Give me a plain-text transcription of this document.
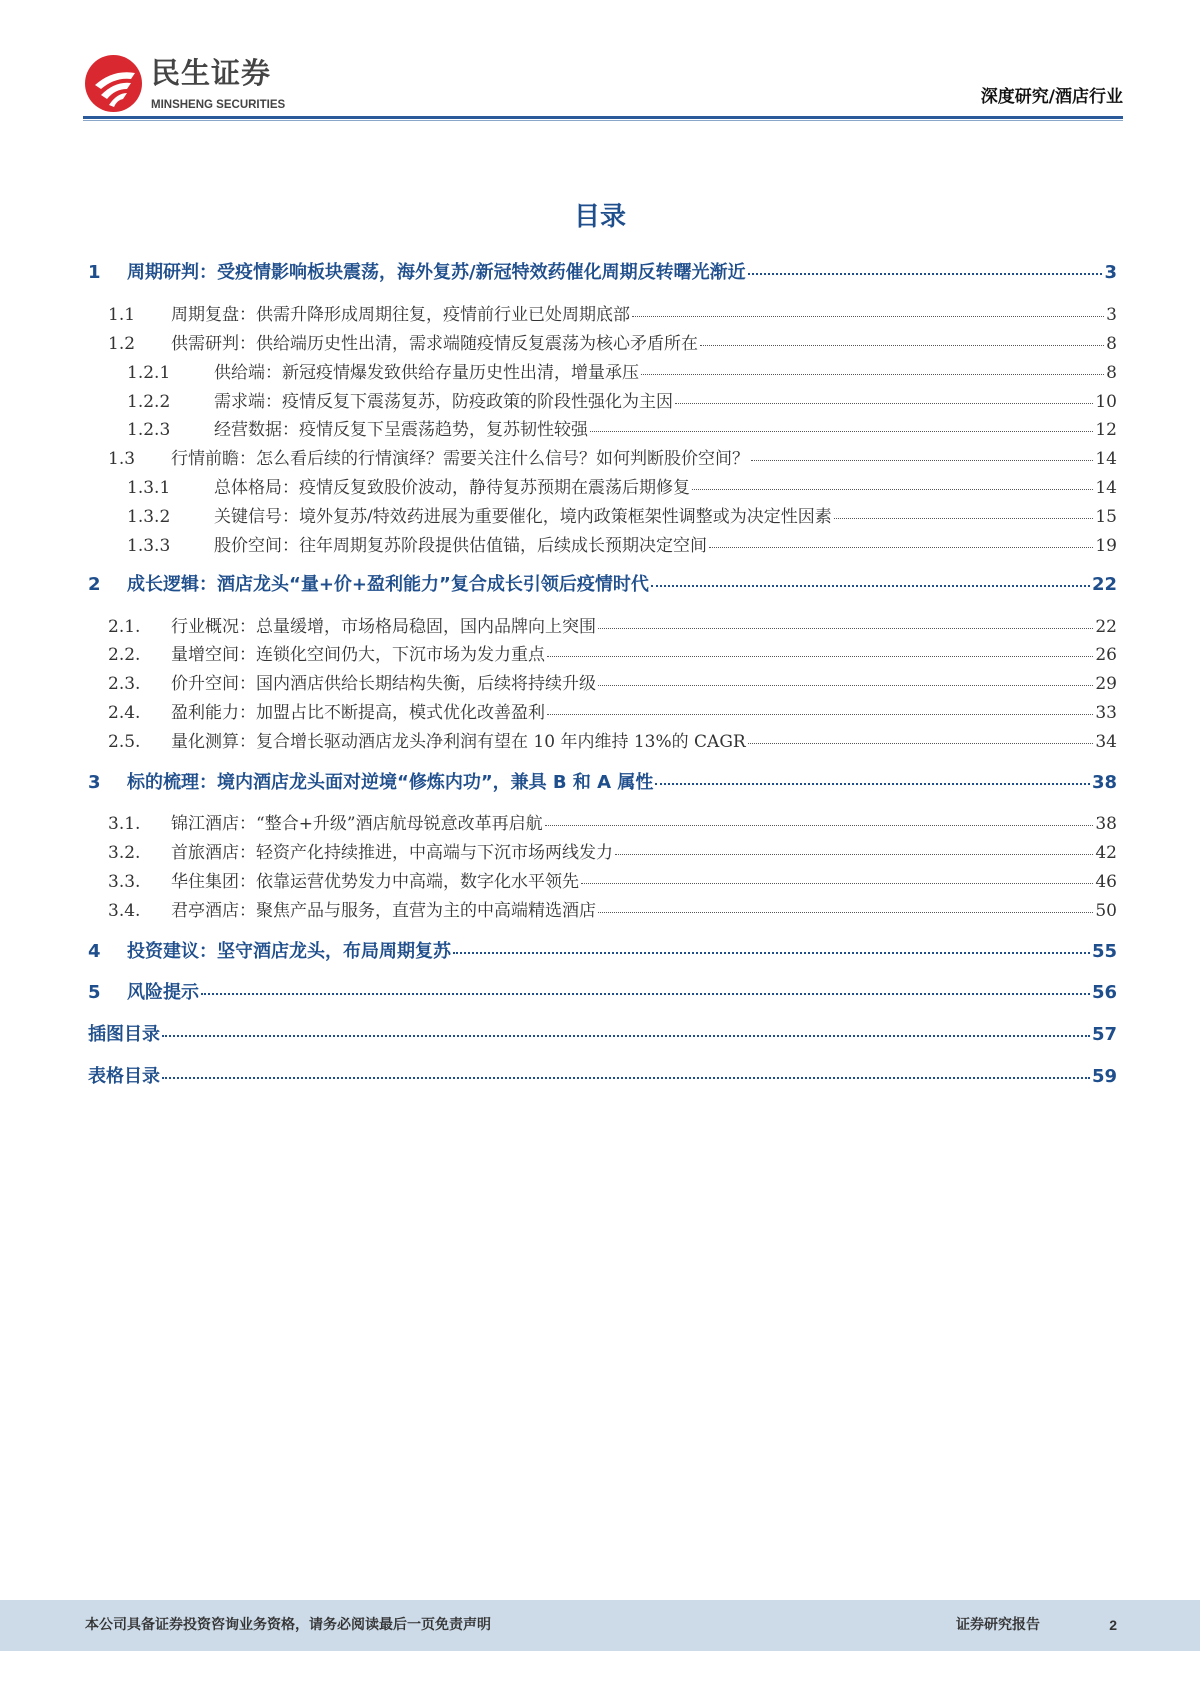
民生证券
MINSHENG SECURITIES	深度研究/酒店行业
目录
1	周期研判：受疫情影响板块震荡，海外复苏/新冠特效药催化周期反转曙光渐近	3
1.1	周期复盘：供需升降形成周期往复，疫情前行业已处周期底部	3
1.2	供需研判：供给端历史性出清，需求端随疫情反复震荡为核心矛盾所在	8
1.2.1	供给端：新冠疫情爆发致供给存量历史性出清，增量承压	8
1.2.2	需求端：疫情反复下震荡复苏，防疫政策的阶段性强化为主因	10
1.2.3	经营数据：疫情反复下呈震荡趋势，复苏韧性较强	12
1.3	行情前瞻：怎么看后续的行情演绎？需要关注什么信号？如何判断股价空间？	14
1.3.1	总体格局：疫情反复致股价波动，静待复苏预期在震荡后期修复	14
1.3.2	关键信号：境外复苏/特效药进展为重要催化，境内政策框架性调整或为决定性因素	15
1.3.3	股价空间：往年周期复苏阶段提供估值锚，后续成长预期决定空间	19
2	成长逻辑：酒店龙头“量+价+盈利能力”复合成长引领后疫情时代	22
2.1.	行业概况：总量缓增，市场格局稳固，国内品牌向上突围	22
2.2.	量增空间：连锁化空间仍大，下沉市场为发力重点	26
2.3.	价升空间：国内酒店供给长期结构失衡，后续将持续升级	29
2.4.	盈利能力：加盟占比不断提高，模式优化改善盈利	33
2.5.	量化测算：复合增长驱动酒店龙头净利润有望在 10 年内维持 13%的 CAGR	34
3	标的梳理：境内酒店龙头面对逆境“修炼内功”，兼具 B 和 A 属性	38
3.1.	锦江酒店：“整合+升级”酒店航母锐意改革再启航	38
3.2.	首旅酒店：轻资产化持续推进，中高端与下沉市场两线发力	42
3.3.	华住集团：依靠运营优势发力中高端，数字化水平领先	46
3.4.	君亭酒店：聚焦产品与服务，直营为主的中高端精选酒店	50
4	投资建议：坚守酒店龙头，布局周期复苏	55
5	风险提示	56
插图目录	57
表格目录	59
本公司具备证券投资咨询业务资格，请务必阅读最后一页免责声明	证券研究报告	2
